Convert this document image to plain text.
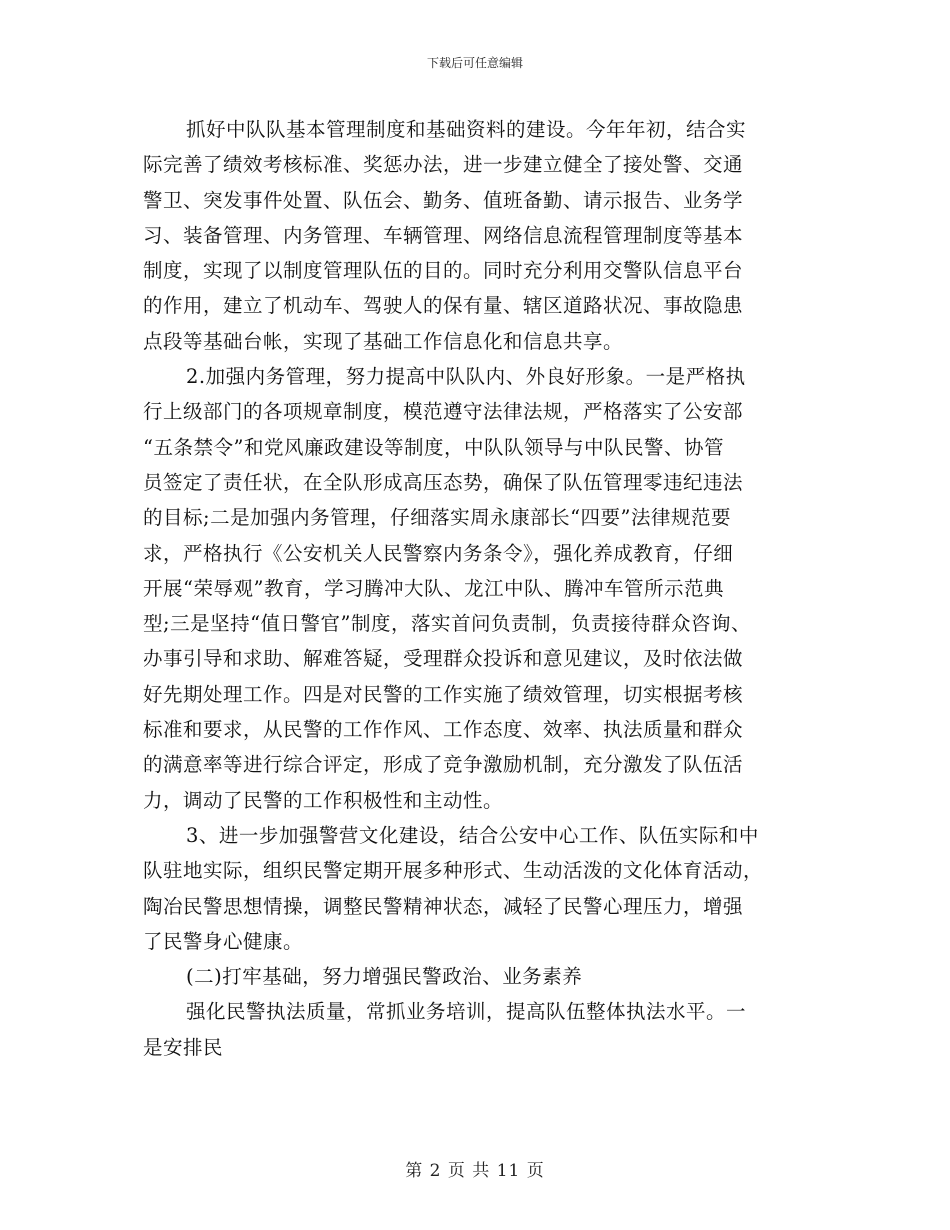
下载后可任意编辑
抓好中队队基本管理制度和基础资料的建设。今年年初，结合实
际完善了绩效考核标准、奖惩办法，进一步建立健全了接处警、交通
警卫、突发事件处置、队伍会、勤务、值班备勤、请示报告、业务学
习、装备管理、内务管理、车辆管理、网络信息流程管理制度等基本
制度，实现了以制度管理队伍的目的。同时充分利用交警队信息平台
的作用，建立了机动车、驾驶人的保有量、辖区道路状况、事故隐患
点段等基础台帐，实现了基础工作信息化和信息共享。
2.加强内务管理，努力提高中队队内、外良好形象。一是严格执
行上级部门的各项规章制度，模范遵守法律法规，严格落实了公安部
“五条禁令”和党风廉政建设等制度，中队队领导与中队民警、协管
员签定了责任状，在全队形成高压态势，确保了队伍管理零违纪违法
的目标;二是加强内务管理，仔细落实周永康部长“四要”法律规范要
求，严格执行《公安机关人民警察内务条令》，强化养成教育，仔细
开展“荣辱观”教育，学习腾冲大队、龙江中队、腾冲车管所示范典
型;三是坚持“值日警官”制度，落实首问负责制，负责接待群众咨询、
办事引导和求助、解难答疑，受理群众投诉和意见建议，及时依法做
好先期处理工作。四是对民警的工作实施了绩效管理，切实根据考核
标准和要求，从民警的工作作风、工作态度、效率、执法质量和群众
的满意率等进行综合评定，形成了竞争激励机制，充分激发了队伍活
力，调动了民警的工作积极性和主动性。
3、进一步加强警营文化建设，结合公安中心工作、队伍实际和中
队驻地实际，组织民警定期开展多种形式、生动活泼的文化体育活动，
陶冶民警思想情操，调整民警精神状态，减轻了民警心理压力，增强
了民警身心健康。
(二)打牢基础，努力增强民警政治、业务素养
强化民警执法质量，常抓业务培训，提高队伍整体执法水平。一
是安排民
第 2 页 共 11 页
